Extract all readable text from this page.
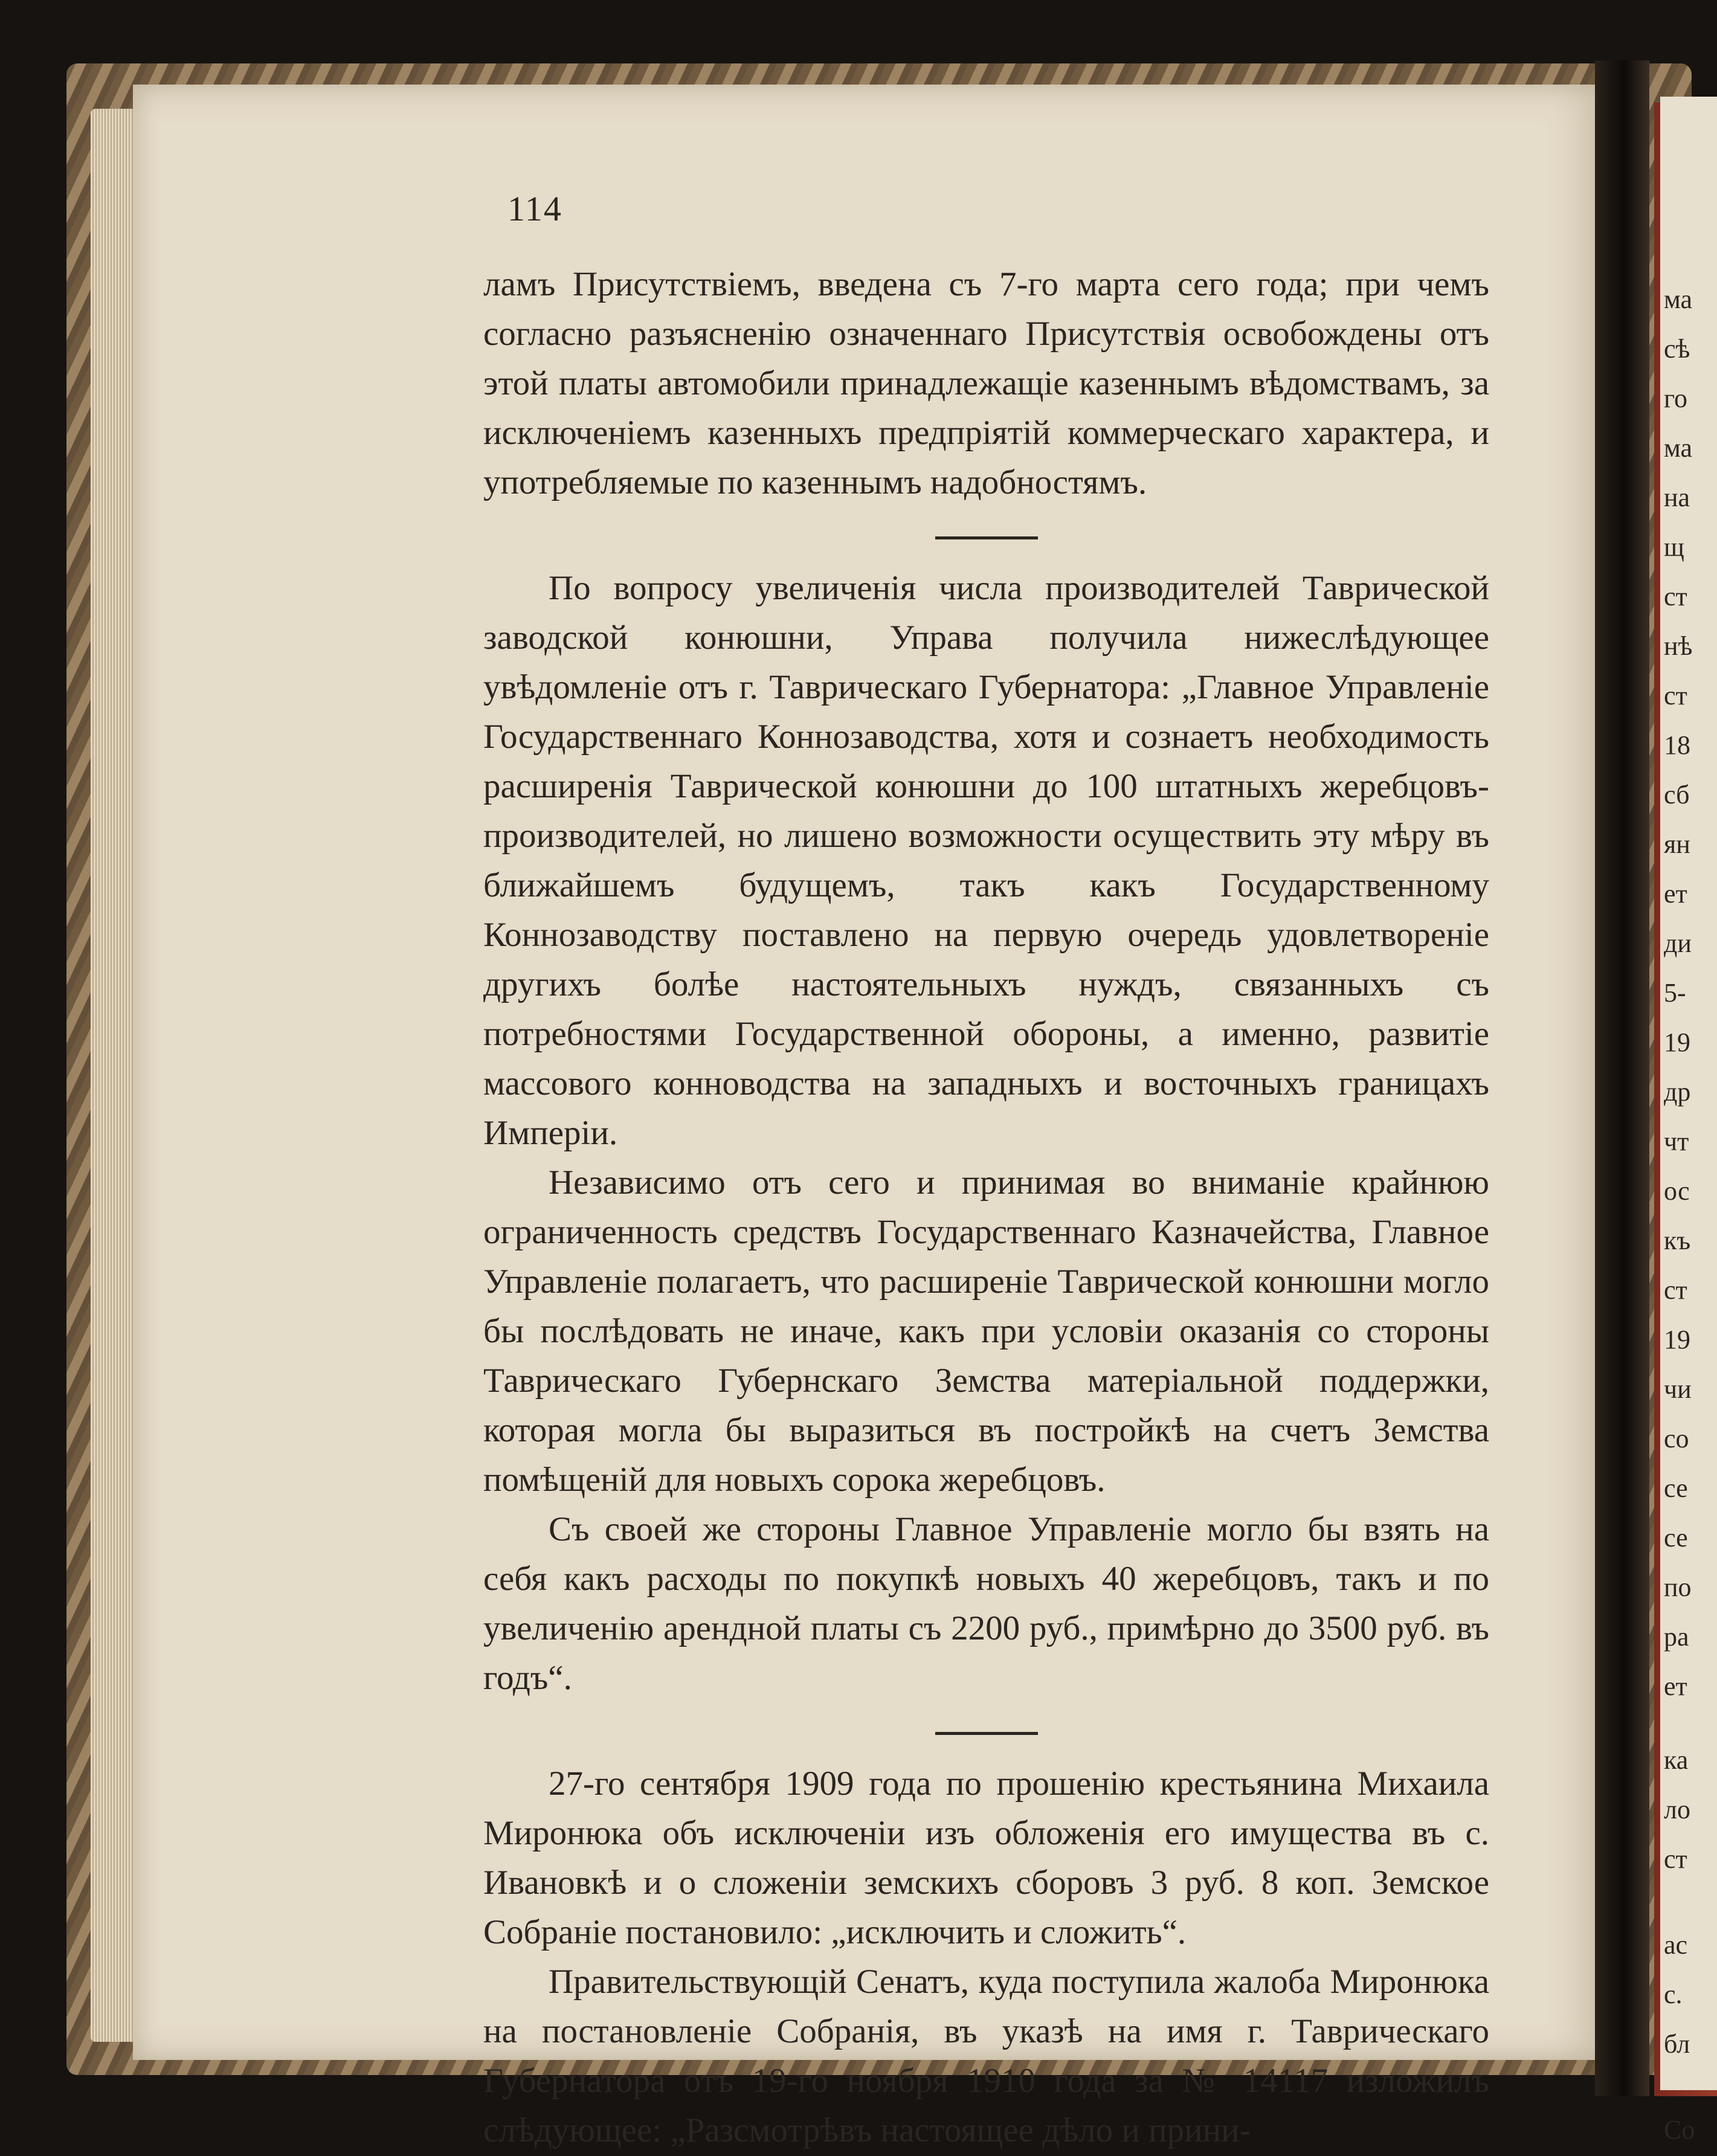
ма
сѣ
го
ма
на
щ
ст
нѣ
ст
18
сб
ян
ет
ди
5-
19
др
чт
ос
къ
ст
19
чи
со
се
се
по
ра
ет
ка
ло
ст
ас
с.
бл
Со
114

ламъ Присутствіемъ, введена съ 7-го марта сего года; при чемъ согласно разъясненію означеннаго Присутствія освобождены отъ этой платы автомобили принадлежащіе казеннымъ вѣдомствамъ, за исключеніемъ казенныхъ предпріятій коммерческаго характера, и употребляемые по казеннымъ надобностямъ.

По вопросу увеличенія числа производителей Таврической заводской конюшни, Управа получила нижеслѣдующее увѣдомленіе отъ г. Таврическаго Губернатора: „Главное Управленіе Государственнаго Коннозаводства, хотя и сознаетъ необходимость расширенія Таврической конюшни до 100 штатныхъ жеребцовъ-производителей, но лишено возможности осуществить эту мѣру въ ближайшемъ будущемъ, такъ какъ Государственному Коннозаводству поставлено на первую очередь удовлетвореніе другихъ болѣе настоятельныхъ нуждъ, связанныхъ съ потребностями Государственной обороны, а именно, развитіе массового конноводства на западныхъ и восточныхъ границахъ Имперіи.

Независимо отъ сего и принимая во вниманіе крайнюю ограниченность средствъ Государственнаго Казначейства, Главное Управленіе полагаетъ, что расширеніе Таврической конюшни могло бы послѣдовать не иначе, какъ при условіи оказанія со стороны Таврическаго Губернскаго Земства матеріальной поддержки, которая могла бы выразиться въ постройкѣ на счетъ Земства помѣщеній для новыхъ сорока жеребцовъ.

Съ своей же стороны Главное Управленіе могло бы взять на себя какъ расходы по покупкѣ новыхъ 40 жеребцовъ, такъ и по увеличенію арендной платы съ 2200 руб., примѣрно до 3500 руб. въ годъ“.

27-го сентября 1909 года по прошенію крестьянина Михаила Миронюка объ исключеніи изъ обложенія его имущества въ с. Ивановкѣ и о сложеніи земскихъ сборовъ 3 руб. 8 коп. Земское Собраніе постановило: „исключить и сложить“.

Правительствующій Сенатъ, куда поступила жалоба Миронюка на постановленіе Собранія, въ указѣ на имя г. Таврическаго Губернатора отъ 19-го ноября 1910 года за № 14117 изложилъ слѣдующее: „Разсмотрѣвъ настоящее дѣло и прини-
